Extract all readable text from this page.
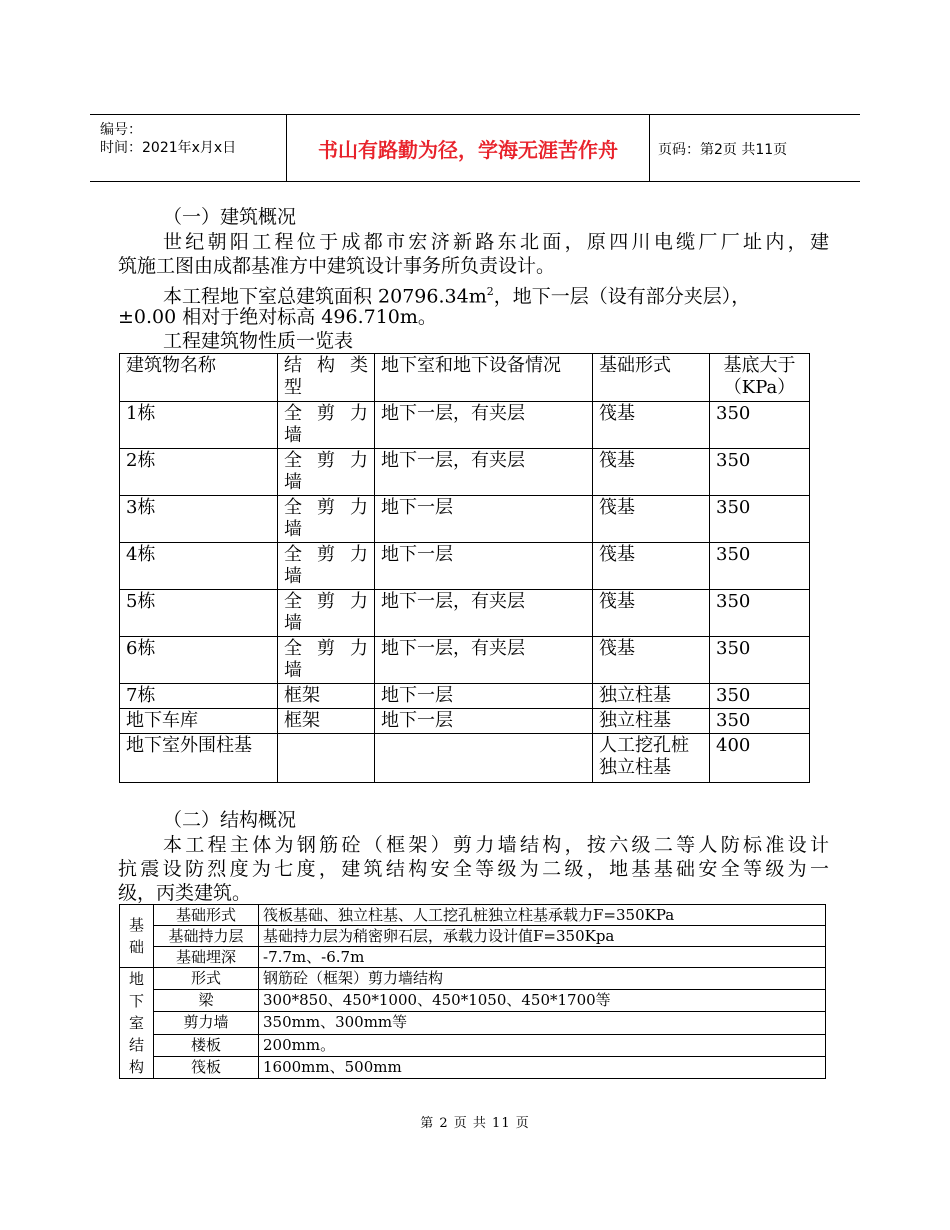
编号：
时间：2021年x月x日	书山有路勤为径，学海无涯苦作舟	页码：第2页 共11页
（一）建筑概况
世纪朝阳工程位于成都市宏济新路东北面，原四川电缆厂厂址内，建
筑施工图由成都基准方中建筑设计事务所负责设计。
本工程地下室总建筑面积 $20796.34m^2$，地下一层（设有部分夹层），
±0.00 相对于绝对标高 496.710m。
工程建筑物性质一览表
建筑物名称	结 构 类 型	地下室和地下设备情况	基础形式	基底大于（KPa）
1栋	全 剪 力 墙	地下一层，有夹层	筏基	350
2栋	全 剪 力 墙	地下一层，有夹层	筏基	350
3栋	全 剪 力 墙	地下一层	筏基	350
4栋	全 剪 力 墙	地下一层	筏基	350
5栋	全 剪 力 墙	地下一层，有夹层	筏基	350
6栋	全 剪 力 墙	地下一层，有夹层	筏基	350
7栋	框架	地下一层	独立柱基	350
地下车库	框架	地下一层	独立柱基	350
地下室外围柱基			人工挖孔桩独立柱基	400
（二）结构概况
本工程主体为钢筋砼（框架）剪力墙结构，按六级二等人防标准设计
抗震设防烈度为七度，建筑结构安全等级为二级，地基基础安全等级为一
级，丙类建筑。
基础	基础形式	筏板基础、独立柱基、人工挖孔桩独立柱基承载力F=350KPa
	基础持力层	基础持力层为稍密卵石层，承载力设计值F=350Kpa
	基础埋深	-7.7m、-6.7m
地下室结构	形式	钢筋砼（框架）剪力墙结构
	梁	300*850、450*1000、450*1050、450*1700等
	剪力墙	350mm、300mm等
	楼板	200mm。
	筏板	1600mm、500mm
第 2 页 共 11 页
